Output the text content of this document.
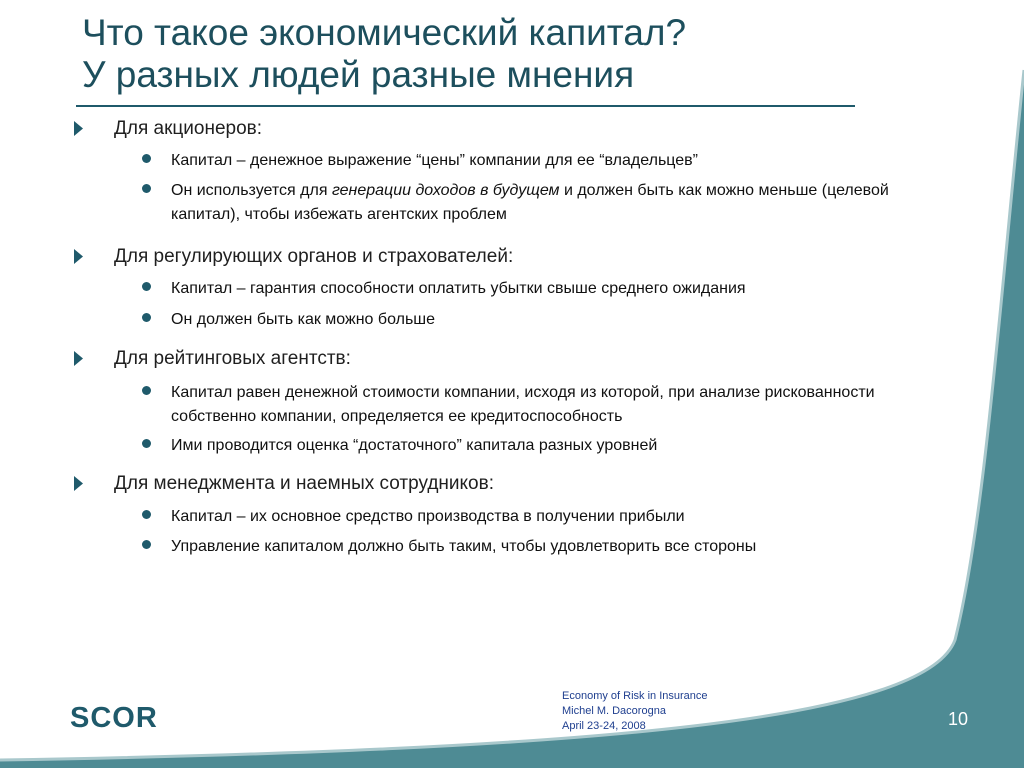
Что такое экономический капитал?
У разных людей разные мнения
Для акционеров:
Капитал – денежное выражение “цены” компании для ее “владельцев”
Он используется для генерации доходов в будущем и должен быть как можно меньше (целевой капитал), чтобы избежать агентских проблем
Для регулирующих органов и страхователей:
Капитал – гарантия способности оплатить убытки свыше среднего ожидания
Он должен быть как можно больше
Для рейтинговых агентств:
Капитал равен денежной стоимости компании, исходя из которой, при анализе рискованности собственно компании, определяется ее кредитоспособность
Ими проводится оценка “достаточного” капитала разных уровней
Для менеджмента и наемных сотрудников:
Капитал – их основное средство производства в получении прибыли
Управление капиталом должно быть таким, чтобы удовлетворить все стороны
SCOR
Economy of Risk in Insurance
Michel M. Dacorogna
April 23-24, 2008	10
